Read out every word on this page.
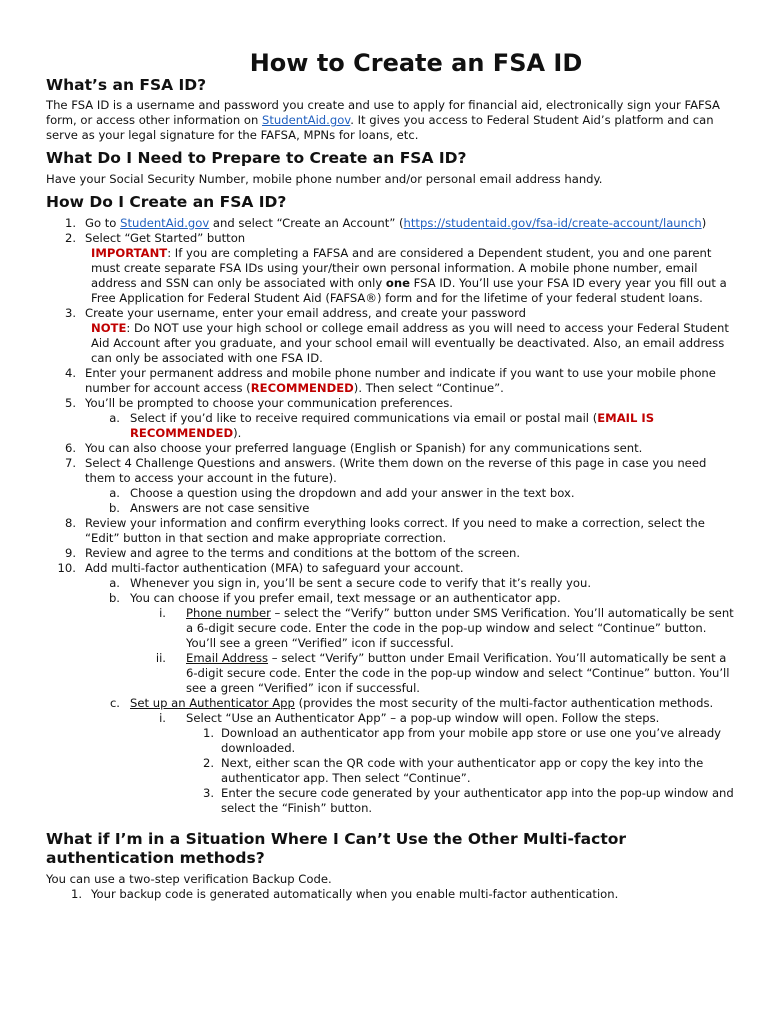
How to Create an FSA ID
What’s an FSA ID?

The FSA ID is a username and password you create and use to apply for financial aid, electronically sign your FAFSA form, or access other information on StudentAid.gov. It gives you access to Federal Student Aid’s platform and can serve as your legal signature for the FAFSA, MPNs for loans, etc.

What Do I Need to Prepare to Create an FSA ID?

Have your Social Security Number, mobile phone number and/or personal email address handy.

How Do I Create an FSA ID?
1. Go to StudentAid.gov and select “Create an Account” (https://studentaid.gov/fsa-id/create-account/launch)
2. Select “Get Started” button
IMPORTANT: If you are completing a FAFSA and are considered a Dependent student, you and one parent must create separate FSA IDs using your/their own personal information. A mobile phone number, email address and SSN can only be associated with only one FSA ID. You’ll use your FSA ID every year you fill out a Free Application for Federal Student Aid (FAFSA®) form and for the lifetime of your federal student loans.
3. Create your username, enter your email address, and create your password
NOTE: Do NOT use your high school or college email address as you will need to access your Federal Student Aid Account after you graduate, and your school email will eventually be deactivated. Also, an email address can only be associated with one FSA ID.
4. Enter your permanent address and mobile phone number and indicate if you want to use your mobile phone number for account access (RECOMMENDED). Then select “Continue”.
5. You’ll be prompted to choose your communication preferences.
a. Select if you’d like to receive required communications via email or postal mail (EMAIL IS RECOMMENDED).
6. You can also choose your preferred language (English or Spanish) for any communications sent.
7. Select 4 Challenge Questions and answers. (Write them down on the reverse of this page in case you need them to access your account in the future).
a. Choose a question using the dropdown and add your answer in the text box.
b. Answers are not case sensitive
8. Review your information and confirm everything looks correct. If you need to make a correction, select the “Edit” button in that section and make appropriate correction.
9. Review and agree to the terms and conditions at the bottom of the screen.
10. Add multi-factor authentication (MFA) to safeguard your account.
a. Whenever you sign in, you’ll be sent a secure code to verify that it’s really you.
b. You can choose if you prefer email, text message or an authenticator app.
i. Phone number – select the “Verify” button under SMS Verification. You’ll automatically be sent a 6-digit secure code. Enter the code in the pop-up window and select “Continue” button. You’ll see a green “Verified” icon if successful.
ii. Email Address – select “Verify” button under Email Verification. You’ll automatically be sent a 6-digit secure code. Enter the code in the pop-up window and select “Continue” button. You’ll see a green “Verified” icon if successful.
c. Set up an Authenticator App (provides the most security of the multi-factor authentication methods.
i. Select “Use an Authenticator App” – a pop-up window will open. Follow the steps.
1. Download an authenticator app from your mobile app store or use one you’ve already downloaded.
2. Next, either scan the QR code with your authenticator app or copy the key into the authenticator app. Then select “Continue”.
3. Enter the secure code generated by your authenticator app into the pop-up window and select the “Finish” button.
What if I’m in a Situation Where I Can’t Use the Other Multi-factor authentication methods?

You can use a two-step verification Backup Code.

1. Your backup code is generated automatically when you enable multi-factor authentication.
